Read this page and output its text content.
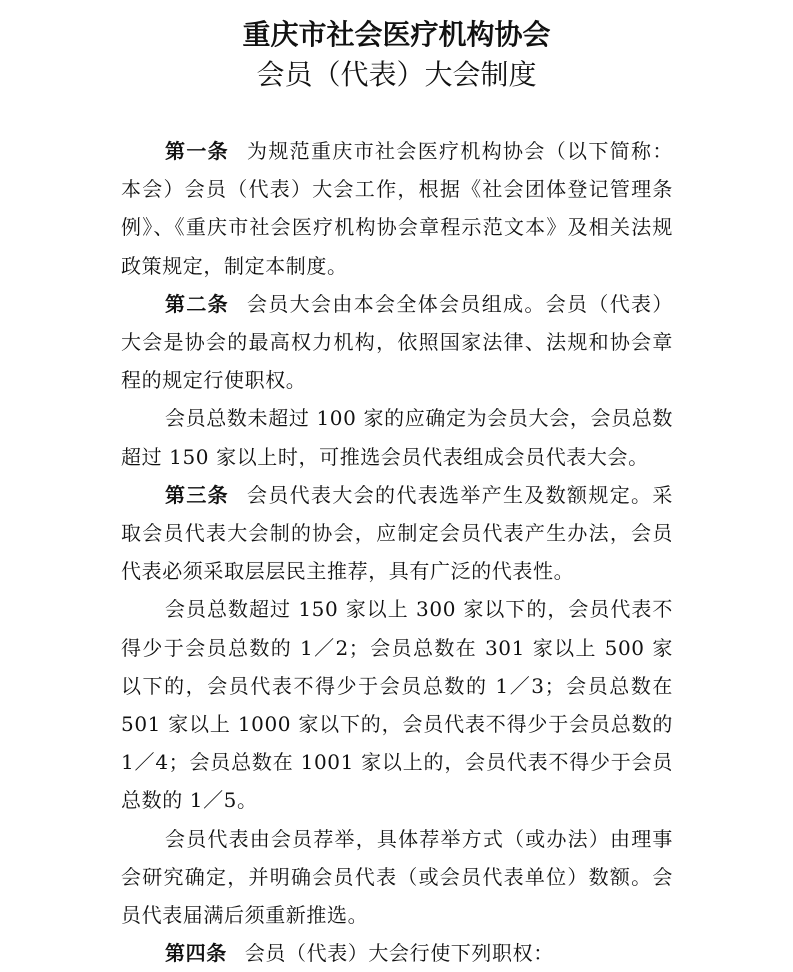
重庆市社会医疗机构协会
会员（代表）大会制度

第一条 为规范重庆市社会医疗机构协会（以下简称：本会）会员（代表）大会工作，根据《社会团体登记管理条例》、《重庆市社会医疗机构协会章程示范文本》及相关法规政策规定，制定本制度。

第二条 会员大会由本会全体会员组成。会员（代表）大会是协会的最高权力机构，依照国家法律、法规和协会章程的规定行使职权。

会员总数未超过 100 家的应确定为会员大会，会员总数超过 150 家以上时，可推选会员代表组成会员代表大会。

第三条 会员代表大会的代表选举产生及数额规定。采取会员代表大会制的协会，应制定会员代表产生办法，会员代表必须采取层层民主推荐，具有广泛的代表性。

会员总数超过 150 家以上 300 家以下的，会员代表不得少于会员总数的 1／2；会员总数在 301 家以上 500 家以下的，会员代表不得少于会员总数的 1／3；会员总数在 501 家以上 1000 家以下的，会员代表不得少于会员总数的 1／4；会员总数在 1001 家以上的，会员代表不得少于会员总数的 1／5。

会员代表由会员荐举，具体荐举方式（或办法）由理事会研究确定，并明确会员代表（或会员代表单位）数额。会员代表届满后须重新推选。

第四条 会员（代表）大会行使下列职权：
